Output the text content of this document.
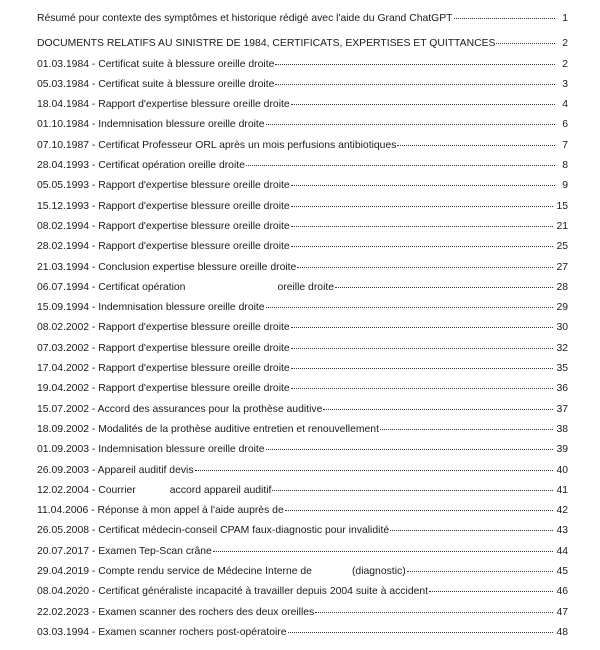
Résumé pour contexte des symptômes et historique rédigé avec l'aide du Grand ChatGPT	1
DOCUMENTS RELATIFS AU SINISTRE DE 1984, CERTIFICATS, EXPERTISES ET QUITTANCES	2
01.03.1984 - Certificat suite à blessure oreille droite	2
05.03.1984 - Certificat suite à blessure oreille droite	3
18.04.1984 - Rapport d'expertise blessure oreille droite	4
01.10.1984 - Indemnisation blessure oreille droite	6
07.10.1987 - Certificat Professeur ORL après un mois perfusions antibiotiques	7
28.04.1993 - Certificat opération oreille droite	8
05.05.1993 - Rapport d'expertise blessure oreille droite	9
15.12.1993 - Rapport d'expertise blessure oreille droite	15
08.02.1994 - Rapport d'expertise blessure oreille droite	21
28.02.1994 - Rapport d'expertise blessure oreille droite	25
21.03.1994 - Conclusion expertise blessure oreille droite	27
06.07.1994 - Certificat opération	oreille droite	28
15.09.1994 - Indemnisation blessure oreille droite	29
08.02.2002 - Rapport d'expertise blessure oreille droite	30
07.03.2002 - Rapport d'expertise blessure oreille droite	32
17.04.2002 - Rapport d'expertise blessure oreille droite	35
19.04.2002 - Rapport d'expertise blessure oreille droite	36
15.07.2002 - Accord des assurances pour la prothèse auditive	37
18.09.2002 - Modalités de la prothèse auditive entretien et renouvellement	38
01.09.2003 - Indemnisation blessure oreille droite	39
26.09.2003 - Appareil auditif devis	40
12.02.2004 - Courrier	accord appareil auditif	41
11.04.2006 - Réponse à mon appel à l'aide auprès de	42
26.05.2008 - Certificat médecin-conseil CPAM faux-diagnostic pour invalidité	43
20.07.2017 - Examen Tep-Scan crâne	44
29.04.2019 - Compte rendu service de Médecine Interne de	(diagnostic)	45
08.04.2020 - Certificat généraliste incapacité à travailler depuis 2004 suite à accident	46
22.02.2023 - Examen scanner des rochers des deux oreilles	47
03.03.1994 - Examen scanner rochers post-opératoire	48
